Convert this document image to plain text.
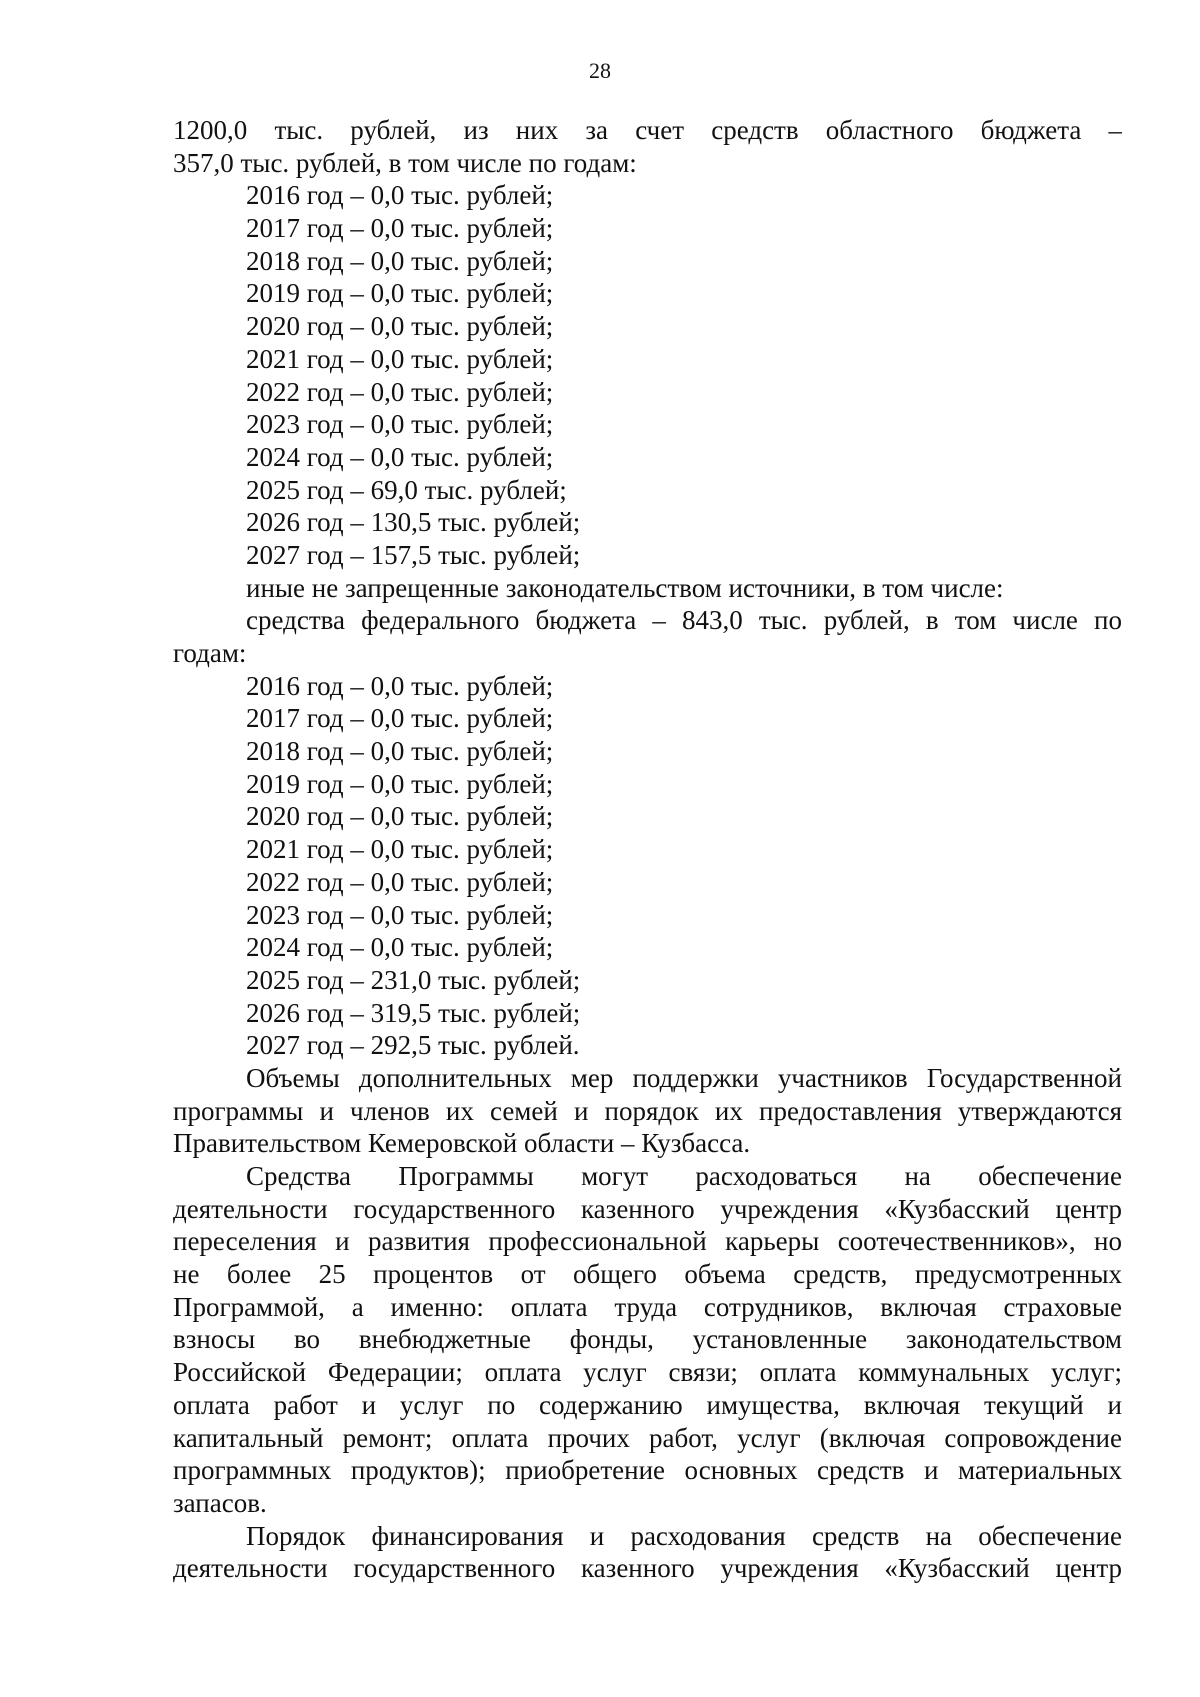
28
1200,0 тыс. рублей, из них за счет средств областного бюджета –
357,0 тыс. рублей, в том числе по годам:
2016 год – 0,0 тыс. рублей;
2017 год – 0,0 тыс. рублей;
2018 год – 0,0 тыс. рублей;
2019 год – 0,0 тыс. рублей;
2020 год – 0,0 тыс. рублей;
2021 год – 0,0 тыс. рублей;
2022 год – 0,0 тыс. рублей;
2023 год – 0,0 тыс. рублей;
2024 год – 0,0 тыс. рублей;
2025 год – 69,0 тыс. рублей;
2026 год – 130,5 тыс. рублей;
2027 год – 157,5 тыс. рублей;
иные не запрещенные законодательством источники, в том числе:
средства федерального бюджета – 843,0 тыс. рублей, в том числе по
годам:
2016 год – 0,0 тыс. рублей;
2017 год – 0,0 тыс. рублей;
2018 год – 0,0 тыс. рублей;
2019 год – 0,0 тыс. рублей;
2020 год – 0,0 тыс. рублей;
2021 год – 0,0 тыс. рублей;
2022 год – 0,0 тыс. рублей;
2023 год – 0,0 тыс. рублей;
2024 год – 0,0 тыс. рублей;
2025 год – 231,0 тыс. рублей;
2026 год – 319,5 тыс. рублей;
2027 год – 292,5 тыс. рублей.
Объемы дополнительных мер поддержки участников Государственной
программы и членов их семей и порядок их предоставления утверждаются
Правительством Кемеровской области – Кузбасса.
Средства Программы могут расходоваться на обеспечение
деятельности государственного казенного учреждения «Кузбасский центр
переселения и развития профессиональной карьеры соотечественников», но
не более 25 процентов от общего объема средств, предусмотренных
Программой, а именно: оплата труда сотрудников, включая страховые
взносы во внебюджетные фонды, установленные законодательством
Российской Федерации; оплата услуг связи; оплата коммунальных услуг;
оплата работ и услуг по содержанию имущества, включая текущий и
капитальный ремонт; оплата прочих работ, услуг (включая сопровождение
программных продуктов); приобретение основных средств и материальных
запасов.
Порядок финансирования и расходования средств на обеспечение
деятельности государственного казенного учреждения «Кузбасский центр
